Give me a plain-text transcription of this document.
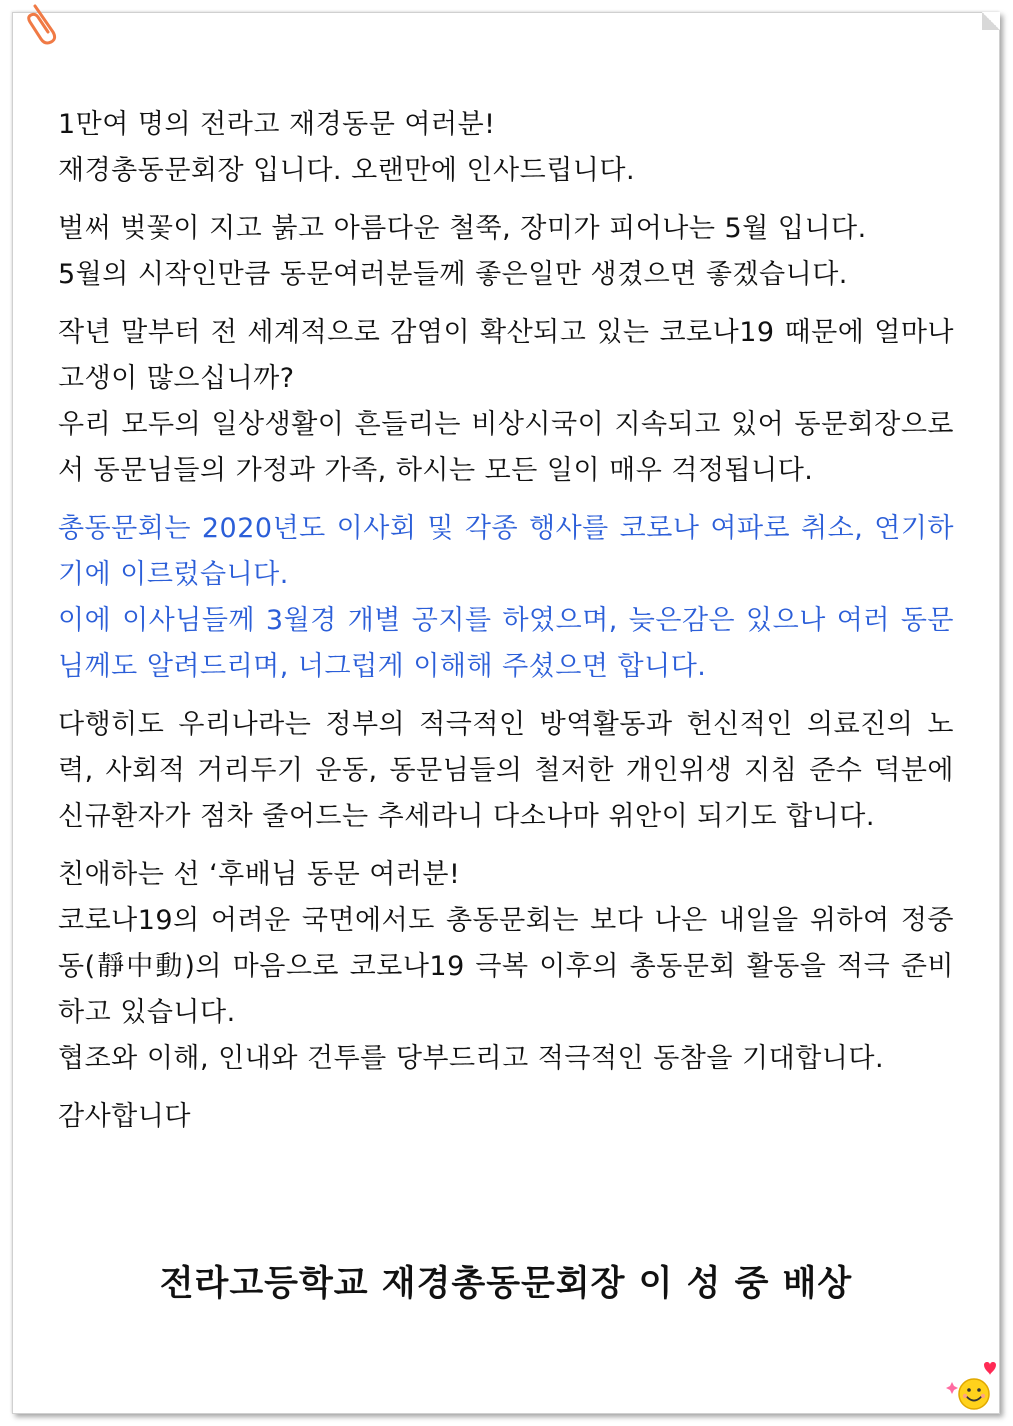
1만여 명의 전라고 재경동문 여러분!
재경총동문회장 입니다. 오랜만에 인사드립니다.
벌써 벚꽃이 지고 붉고 아름다운 철쭉, 장미가 피어나는 5월 입니다.
5월의 시작인만큼 동문여러분들께 좋은일만 생겼으면 좋겠습니다.
작년 말부터 전 세계적으로 감염이 확산되고 있는 코로나19 때문에 얼마나 고생이 많으십니까?
우리 모두의 일상생활이 흔들리는 비상시국이 지속되고 있어 동문회장으로서 동문님들의 가정과 가족, 하시는 모든 일이 매우 걱정됩니다.
총동문회는 2020년도 이사회 및 각종 행사를 코로나 여파로 취소, 연기하기에 이르렀습니다.
이에 이사님들께 3월경 개별 공지를 하였으며, 늦은감은 있으나 여러 동문님께도 알려드리며, 너그럽게 이해해 주셨으면 합니다.
다행히도 우리나라는 정부의 적극적인 방역활동과 헌신적인 의료진의 노력, 사회적 거리두기 운동, 동문님들의 철저한 개인위생 지침 준수 덕분에 신규환자가 점차 줄어드는 추세라니 다소나마 위안이 되기도 합니다.
친애하는 선 ‘후배님 동문 여러분!
코로나19의 어려운 국면에서도 총동문회는 보다 나은 내일을 위하여 정중동(靜中動)의 마음으로 코로나19 극복 이후의 총동문회 활동을 적극 준비하고 있습니다.
협조와 이해, 인내와 건투를 당부드리고 적극적인 동참을 기대합니다.
감사합니다
전라고등학교 재경총동문회장 이 성 중 배상
